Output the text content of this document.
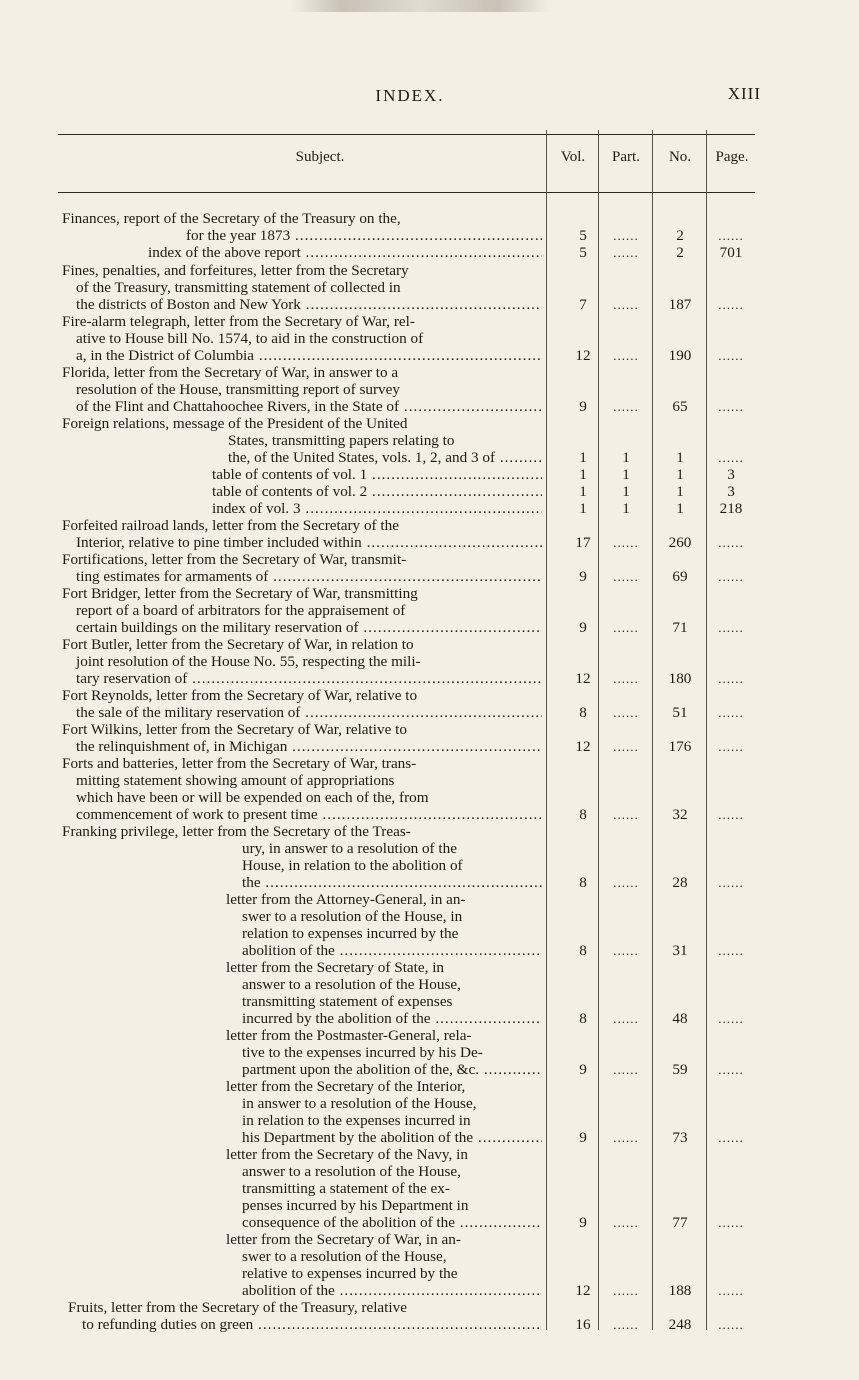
INDEX.	XIII
Subject.	Vol.	Part.	No.	Page.
Finances, report of the Secretary of the Treasury on the,
for the year 1873 .....	5	......	2	......
index of the above report .....	5	......	2	701
Fines, penalties, and forfeitures, letter from the Secretary
of the Treasury, transmitting statement of collected in
the districts of Boston and New York .....	7	......	187	......
Fire-alarm telegraph, letter from the Secretary of War, rel-
ative to House bill No. 1574, to aid in the construction of
a, in the District of Columbia .....	12	......	190	......
Florida, letter from the Secretary of War, in answer to a
resolution of the House, transmitting report of survey
of the Flint and Chattahoochee Rivers, in the State of .....	9	......	65	......
Foreign relations, message of the President of the United
States, transmitting papers relating to
the, of the United States, vols. 1, 2, and 3 of .....	1	1	1	......
table of contents of vol. 1 .....	1	1	1	3
table of contents of vol. 2 .....	1	1	1	3
index of vol. 3 .....	1	1	1	218
Forfeited railroad lands, letter from the Secretary of the
Interior, relative to pine timber included within .....	17	......	260	......
Fortifications, letter from the Secretary of War, transmit-
ting estimates for armaments of .....	9	......	69	......
Fort Bridger, letter from the Secretary of War, transmitting
report of a board of arbitrators for the appraisement of
certain buildings on the military reservation of .....	9	......	71	......
Fort Butler, letter from the Secretary of War, in relation to
joint resolution of the House No. 55, respecting the mili-
tary reservation of .....	12	......	180	......
Fort Reynolds, letter from the Secretary of War, relative to
the sale of the military reservation of .....	8	......	51	......
Fort Wilkins, letter from the Secretary of War, relative to
the relinquishment of, in Michigan .....	12	......	176	......
Forts and batteries, letter from the Secretary of War, trans-
mitting statement showing amount of appropriations
which have been or will be expended on each of the, from
commencement of work to present time .....	8	......	32	......
Franking privilege, letter from the Secretary of the Treas-
ury, in answer to a resolution of the
House, in relation to the abolition of
the .....	8	......	28	......
letter from the Attorney-General, in an-
swer to a resolution of the House, in
relation to expenses incurred by the
abolition of the .....	8	......	31	......
letter from the Secretary of State, in
answer to a resolution of the House,
transmitting statement of expenses
incurred by the abolition of the .....	8	......	48	......
letter from the Postmaster-General, rela-
tive to the expenses incurred by his De-
partment upon the abolition of the, &c. .....	9	......	59	......
letter from the Secretary of the Interior,
in answer to a resolution of the House,
in relation to the expenses incurred in
his Department by the abolition of the .....	9	......	73	......
letter from the Secretary of the Navy, in
answer to a resolution of the House,
transmitting a statement of the ex-
penses incurred by his Department in
consequence of the abolition of the .....	9	......	77	......
letter from the Secretary of War, in an-
swer to a resolution of the House,
relative to expenses incurred by the
abolition of the .....	12	......	188	......
Fruits, letter from the Secretary of the Treasury, relative
to refunding duties on green .....	16	......	248	......
